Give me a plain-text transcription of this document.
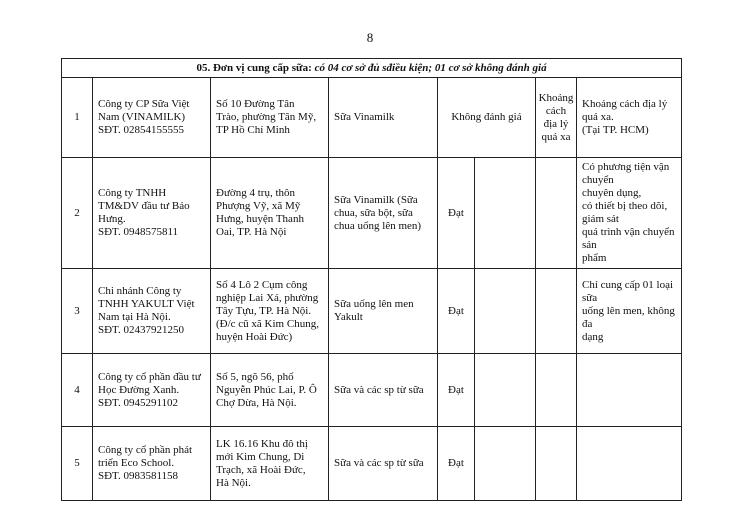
8
05. Đơn vị cung cấp sữa: có 04 cơ sở đủ sđiều kiện; 01 cơ sở không đánh giá							
1	Công ty CP Sữa Việt
Nam (VINAMILK)
SĐT. 02854155555	Số 10 Đường Tân
Trào, phường Tân Mỹ,
TP Hồ Chí Minh	Sữa Vinamilk	Không đánh giá		Khoảng
cách
địa lý
quá xa	Khoảng cách địa lý quá xa.
(Tại TP. HCM)
2	Công ty TNHH
TM&DV đầu tư Bảo
Hưng.
SĐT. 0948575811	Đường 4 trụ, thôn
Phượng Vỹ, xã Mỹ
Hưng, huyện Thanh
Oai, TP. Hà Nội	Sữa Vinamilk (Sữa
chua, sữa bột, sữa
chua uống lên men)	Đạt			Có phương tiện vận chuyển
chuyên dụng,
có thiết bị theo dõi, giám sát
quá trình vận chuyển sản
phẩm
3	Chi nhánh Công ty
TNHH YAKULT Việt
Nam tại Hà Nội.
SĐT. 02437921250	Số 4 Lô 2 Cụm công
nghiệp Lai Xá, phường
Tây Tựu, TP. Hà Nội.
(Đ/c cũ xã Kim Chung,
huyện Hoài Đức)	Sữa uống lên men
Yakult	Đạt			Chỉ cung cấp 01 loại sữa
uống lên men, không đa
dạng
4	Công ty cổ phần đầu tư
Học Đường Xanh.
SĐT. 0945291102	Số 5, ngõ 56, phố
Nguyễn Phúc Lai, P. Ô
Chợ Dừa, Hà Nội.	Sữa và các sp từ sữa	Đạt			
5	Công ty cổ phần phát
triển Eco School.
SĐT. 0983581158	LK 16.16 Khu đô thị
mới Kim Chung, Di
Trạch, xã Hoài Đức,
Hà Nội.	Sữa và các sp từ sữa	Đạt			
